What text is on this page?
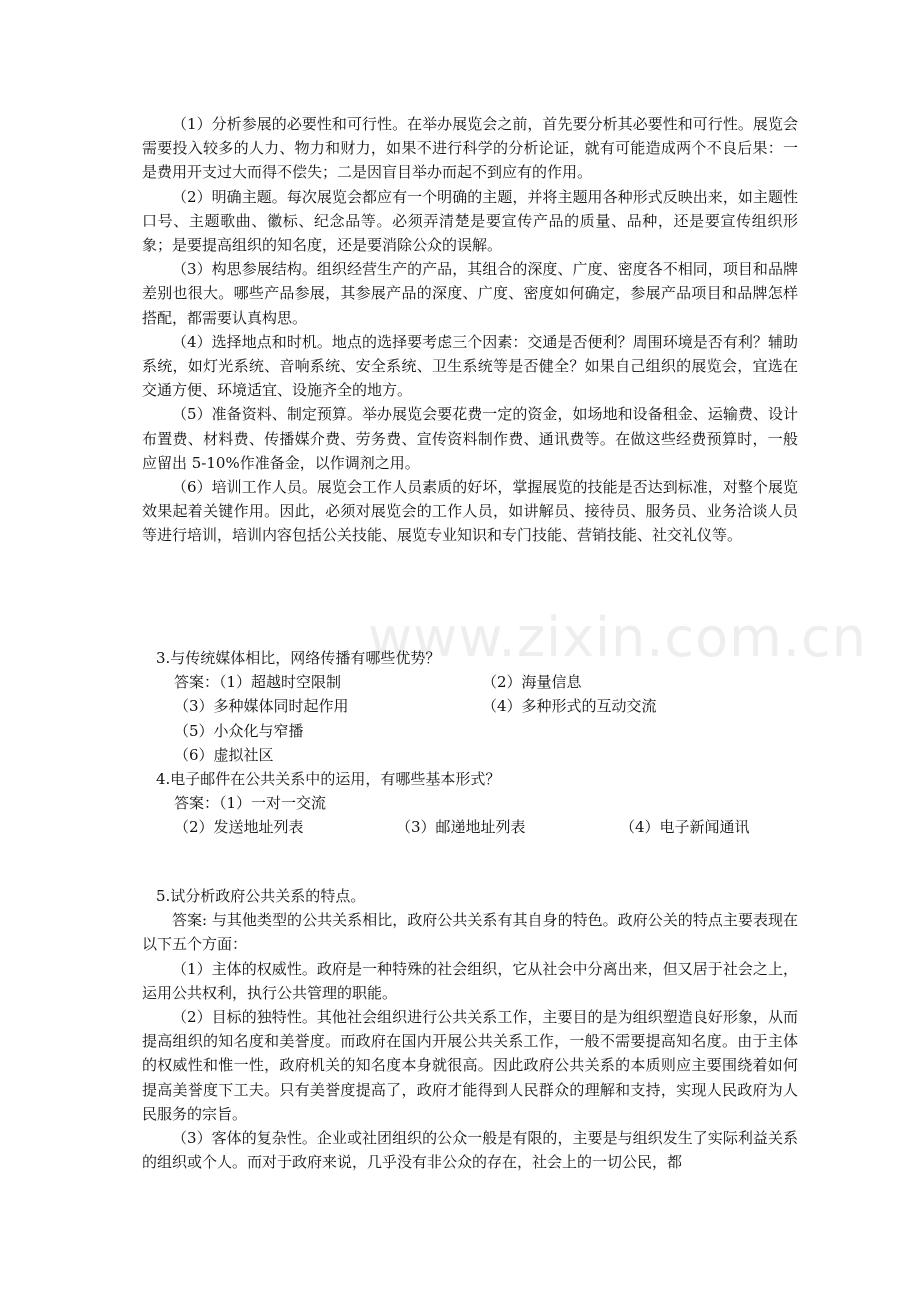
（1）分析参展的必要性和可行性。在举办展览会之前，首先要分析其必要性和可行性。展览会需要投入较多的人力、物力和财力，如果不进行科学的分析论证，就有可能造成两个不良后果：一是费用开支过大而得不偿失；二是因盲目举办而起不到应有的作用。

（2）明确主题。每次展览会都应有一个明确的主题，并将主题用各种形式反映出来，如主题性口号、主题歌曲、徽标、纪念品等。必须弄清楚是要宣传产品的质量、品种，还是要宣传组织形象；是要提高组织的知名度，还是要消除公众的误解。

（3）构思参展结构。组织经营生产的产品，其组合的深度、广度、密度各不相同，项目和品牌差别也很大。哪些产品参展，其参展产品的深度、广度、密度如何确定，参展产品项目和品牌怎样搭配，都需要认真构思。

（4）选择地点和时机。地点的选择要考虑三个因素：交通是否便利？周围环境是否有利？辅助系统，如灯光系统、音响系统、安全系统、卫生系统等是否健全？如果自己组织的展览会，宜选在交通方便、环境适宜、设施齐全的地方。

（5）准备资料、制定预算。举办展览会要花费一定的资金，如场地和设备租金、运输费、设计布置费、材料费、传播媒介费、劳务费、宣传资料制作费、通讯费等。在做这些经费预算时，一般应留出 5-10%作准备金，以作调剂之用。

（6）培训工作人员。展览会工作人员素质的好坏，掌握展览的技能是否达到标准，对整个展览效果起着关键作用。因此，必须对展览会的工作人员，如讲解员、接待员、服务员、业务洽谈人员等进行培训，培训内容包括公关技能、展览专业知识和专门技能、营销技能、社交礼仪等。

www.zixin.com.cn

3.与传统媒体相比，网络传播有哪些优势？

答案：（1）超越时空限制	（2）海量信息
（3）多种媒体同时起作用	（4）多种形式的互动交流
（5）小众化与窄播
（6）虚拟社区

4.电子邮件在公共关系中的运用，有哪些基本形式？

答案：（1）一对一交流
（2）发送地址列表	（3）邮递地址列表	（4）电子新闻通讯

5.试分析政府公共关系的特点。

答案: 与其他类型的公共关系相比，政府公共关系有其自身的特色。政府公关的特点主要表现在以下五个方面：

（1）主体的权威性。政府是一种特殊的社会组织，它从社会中分离出来，但又居于社会之上，运用公共权利，执行公共管理的职能。

（2）目标的独特性。其他社会组织进行公共关系工作，主要目的是为组织塑造良好形象，从而提高组织的知名度和美誉度。而政府在国内开展公共关系工作，一般不需要提高知名度。由于主体的权威性和惟一性，政府机关的知名度本身就很高。因此政府公共关系的本质则应主要围绕着如何提高美誉度下工夫。只有美誉度提高了，政府才能得到人民群众的理解和支持，实现人民政府为人民服务的宗旨。

（3）客体的复杂性。企业或社团组织的公众一般是有限的，主要是与组织发生了实际利益关系的组织或个人。而对于政府来说，几乎没有非公众的存在，社会上的一切公民，都
